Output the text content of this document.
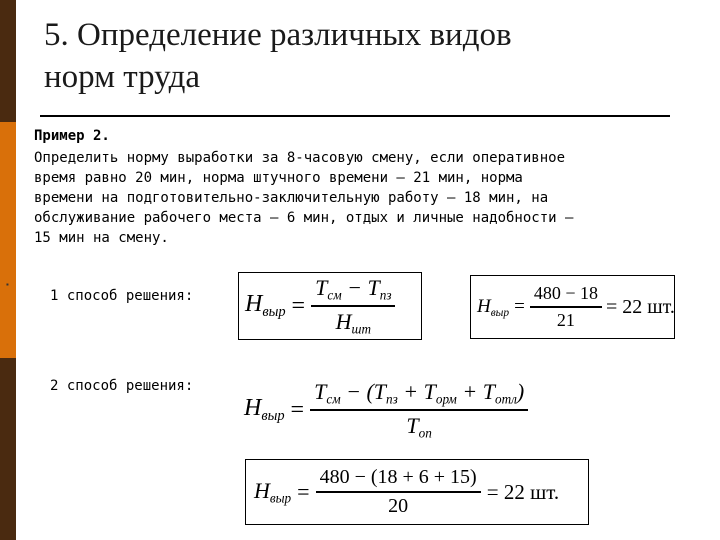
5. Определение различных видов
норм труда
Пример 2.

Определить норму выработки за 8-часовую смену, если оперативное
время равно 20 мин, норма штучного времени – 21 мин, норма
времени на подготовительно-заключительную работу – 18 мин, на
обслуживание рабочего места – 6 мин, отдых и личные надобности –
15 мин на смену.

▪
1 способ решения: $H_{выр} = \frac{T_{см} - T_{пз}}{H_{шт}}$	$H_{выр} = \frac{480 - 18}{21} = 22$ шт.
2 способ решения:
$H_{выр}$ =
$T_{см} - (T_{пз} + T_{орм} + T_{отл})$
$T_{оп}$
$H_{выр} = \frac{480 - (18 + 6 + 15)}{20} = 22$ шт.
